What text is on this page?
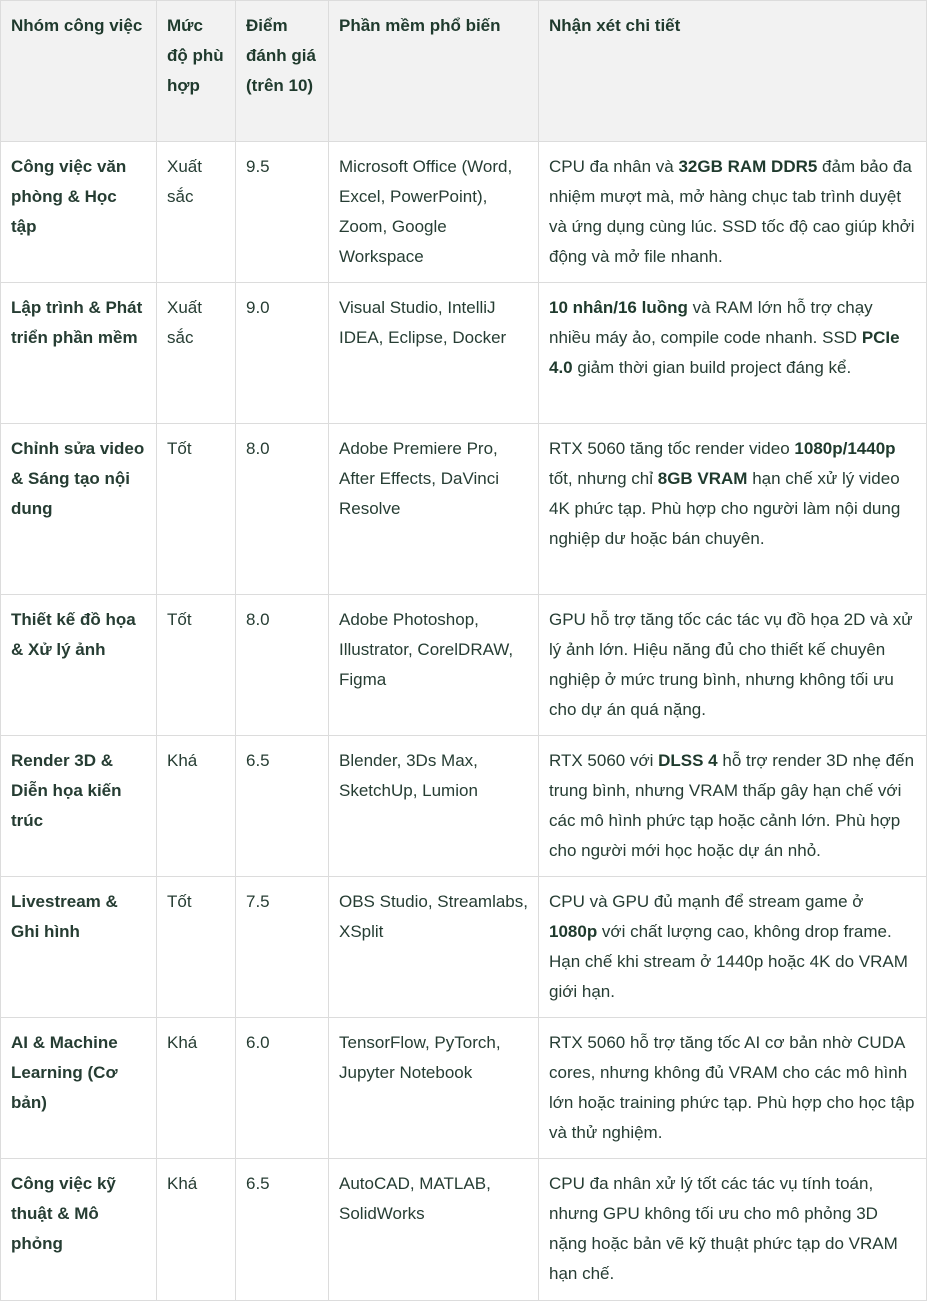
Nhóm công việc	Mức độ phù hợp	Điểm đánh giá (trên 10)	Phần mềm phổ biến	Nhận xét chi tiết
Công việc văn phòng & Học tập	Xuất sắc	9.5	Microsoft Office (Word, Excel, PowerPoint), Zoom, Google Workspace	CPU đa nhân và 32GB RAM DDR5 đảm bảo đa nhiệm mượt mà, mở hàng chục tab trình duyệt và ứng dụng cùng lúc. SSD tốc độ cao giúp khởi động và mở file nhanh.
Lập trình & Phát triển phần mềm	Xuất sắc	9.0	Visual Studio, IntelliJ IDEA, Eclipse, Docker	10 nhân/16 luồng và RAM lớn hỗ trợ chạy nhiều máy ảo, compile code nhanh. SSD PCIe 4.0 giảm thời gian build project đáng kể.
Chỉnh sửa video & Sáng tạo nội dung	Tốt	8.0	Adobe Premiere Pro, After Effects, DaVinci Resolve	RTX 5060 tăng tốc render video 1080p/1440p tốt, nhưng chỉ 8GB VRAM hạn chế xử lý video 4K phức tạp. Phù hợp cho người làm nội dung nghiệp dư hoặc bán chuyên.
Thiết kế đồ họa & Xử lý ảnh	Tốt	8.0	Adobe Photoshop, Illustrator, CorelDRAW, Figma	GPU hỗ trợ tăng tốc các tác vụ đồ họa 2D và xử lý ảnh lớn. Hiệu năng đủ cho thiết kế chuyên nghiệp ở mức trung bình, nhưng không tối ưu cho dự án quá nặng.
Render 3D & Diễn họa kiến trúc	Khá	6.5	Blender, 3Ds Max, SketchUp, Lumion	RTX 5060 với DLSS 4 hỗ trợ render 3D nhẹ đến trung bình, nhưng VRAM thấp gây hạn chế với các mô hình phức tạp hoặc cảnh lớn. Phù hợp cho người mới học hoặc dự án nhỏ.
Livestream & Ghi hình	Tốt	7.5	OBS Studio, Streamlabs, XSplit	CPU và GPU đủ mạnh để stream game ở 1080p với chất lượng cao, không drop frame. Hạn chế khi stream ở 1440p hoặc 4K do VRAM giới hạn.
AI & Machine Learning (Cơ bản)	Khá	6.0	TensorFlow, PyTorch, Jupyter Notebook	RTX 5060 hỗ trợ tăng tốc AI cơ bản nhờ CUDA cores, nhưng không đủ VRAM cho các mô hình lớn hoặc training phức tạp. Phù hợp cho học tập và thử nghiệm.
Công việc kỹ thuật & Mô phỏng	Khá	6.5	AutoCAD, MATLAB, SolidWorks	CPU đa nhân xử lý tốt các tác vụ tính toán, nhưng GPU không tối ưu cho mô phỏng 3D nặng hoặc bản vẽ kỹ thuật phức tạp do VRAM hạn chế.
